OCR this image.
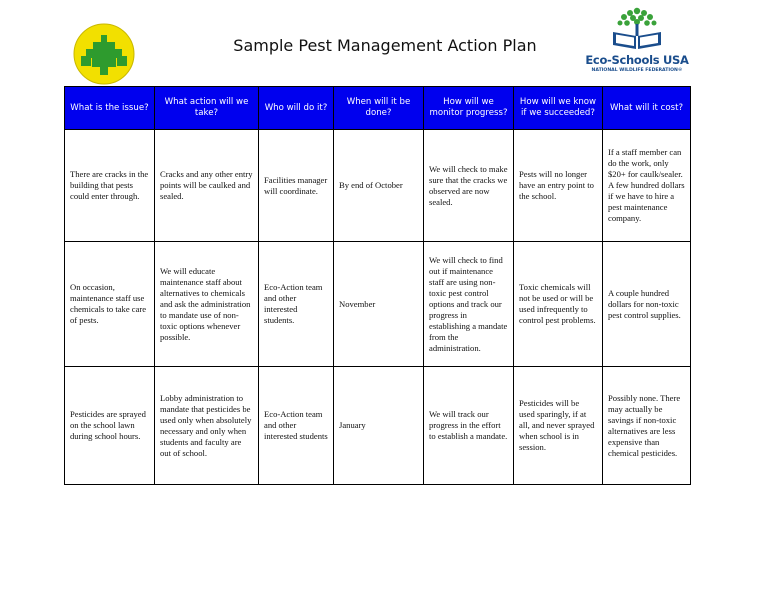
Sample Pest Management Action Plan
Eco-Schools USA
NATIONAL WILDLIFE FEDERATION®
What is the issue?	What action will we take?	Who will do it?	When will it be done?	How will we monitor progress?	How will we know if we succeeded?	What will it cost?
There are cracks in the building that pests could enter through.	Cracks and any other entry points will be caulked and sealed.	Facilities manager will coordinate.	By end of October	We will check to make sure that the cracks we observed are now sealed.	Pests will no longer have an entry point to the school.	If a staff member can do the work, only $20+ for caulk/sealer. A few hundred dollars if we have to hire a pest maintenance company.
On occasion, maintenance staff use chemicals to take care of pests.	We will educate maintenance staff about alternatives to chemicals and ask the administration to mandate use of non-toxic options whenever possible.	Eco-Action team and other interested students.	November	We will check to find out if maintenance staff are using non-toxic pest control options and track our progress in establishing a mandate from the administration.	Toxic chemicals will not be used or will be used infrequently to control pest problems.	A couple hundred dollars for non-toxic pest control supplies.
Pesticides are sprayed on the school lawn during school hours.	Lobby administration to mandate that pesticides be used only when absolutely necessary and only when students and faculty are out of school.	Eco-Action team and other interested students	January	We will track our progress in the effort to establish a mandate.	Pesticides will be used sparingly, if at all, and never sprayed when school is in session.	Possibly none. There may actually be savings if non-toxic alternatives are less expensive than chemical pesticides.
